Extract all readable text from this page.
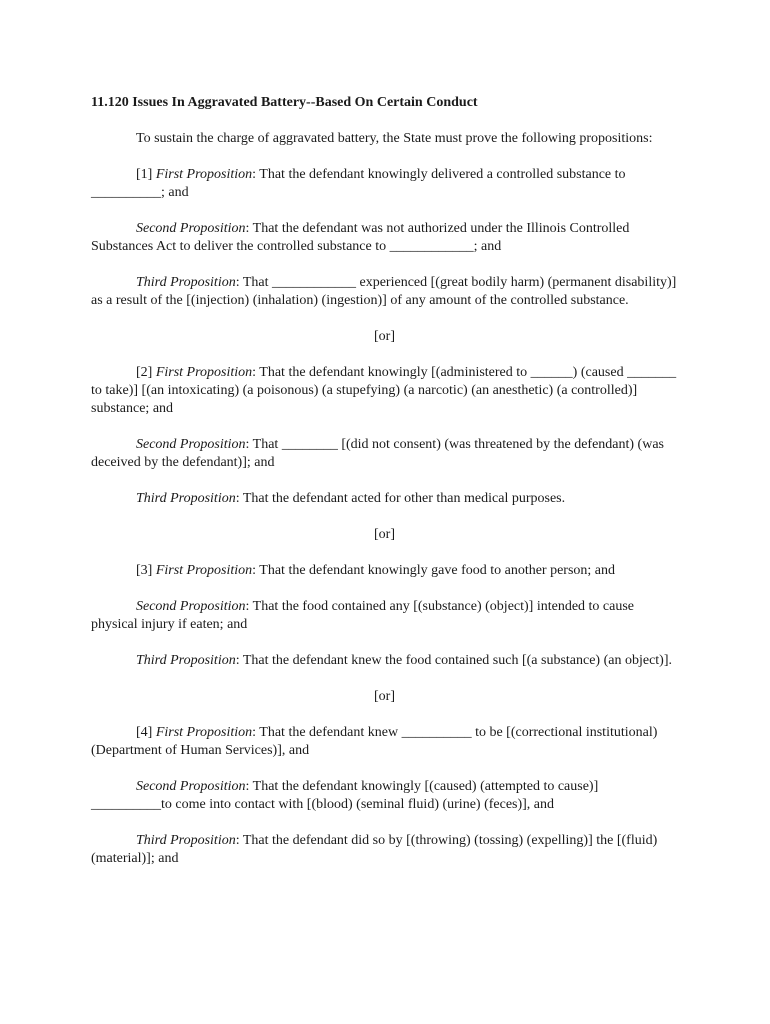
11.120 Issues In Aggravated Battery--Based On Certain Conduct

To sustain the charge of aggravated battery, the State must prove the following propositions:

[1] First Proposition: That the defendant knowingly delivered a controlled substance to __________; and

Second Proposition: That the defendant was not authorized under the Illinois Controlled Substances Act to deliver the controlled substance to ____________; and

Third Proposition: That ____________ experienced [(great bodily harm) (permanent disability)] as a result of the [(injection) (inhalation) (ingestion)] of any amount of the controlled substance.

[or]

[2] First Proposition: That the defendant knowingly [(administered to ______) (caused _______ to take)] [(an intoxicating) (a poisonous) (a stupefying) (a narcotic) (an anesthetic) (a controlled)] substance; and

Second Proposition: That ________ [(did not consent) (was threatened by the defendant) (was deceived by the defendant)]; and

Third Proposition: That the defendant acted for other than medical purposes.

[or]

[3] First Proposition: That the defendant knowingly gave food to another person; and

Second Proposition: That the food contained any [(substance) (object)] intended to cause physical injury if eaten; and

Third Proposition: That the defendant knew the food contained such [(a substance) (an object)].

[or]

[4] First Proposition: That the defendant knew __________ to be [(correctional institutional) (Department of Human Services)], and

Second Proposition: That the defendant knowingly [(caused) (attempted to cause)] __________to come into contact with [(blood) (seminal fluid) (urine) (feces)], and

Third Proposition: That the defendant did so by [(throwing) (tossing) (expelling)] the [(fluid) (material)]; and
